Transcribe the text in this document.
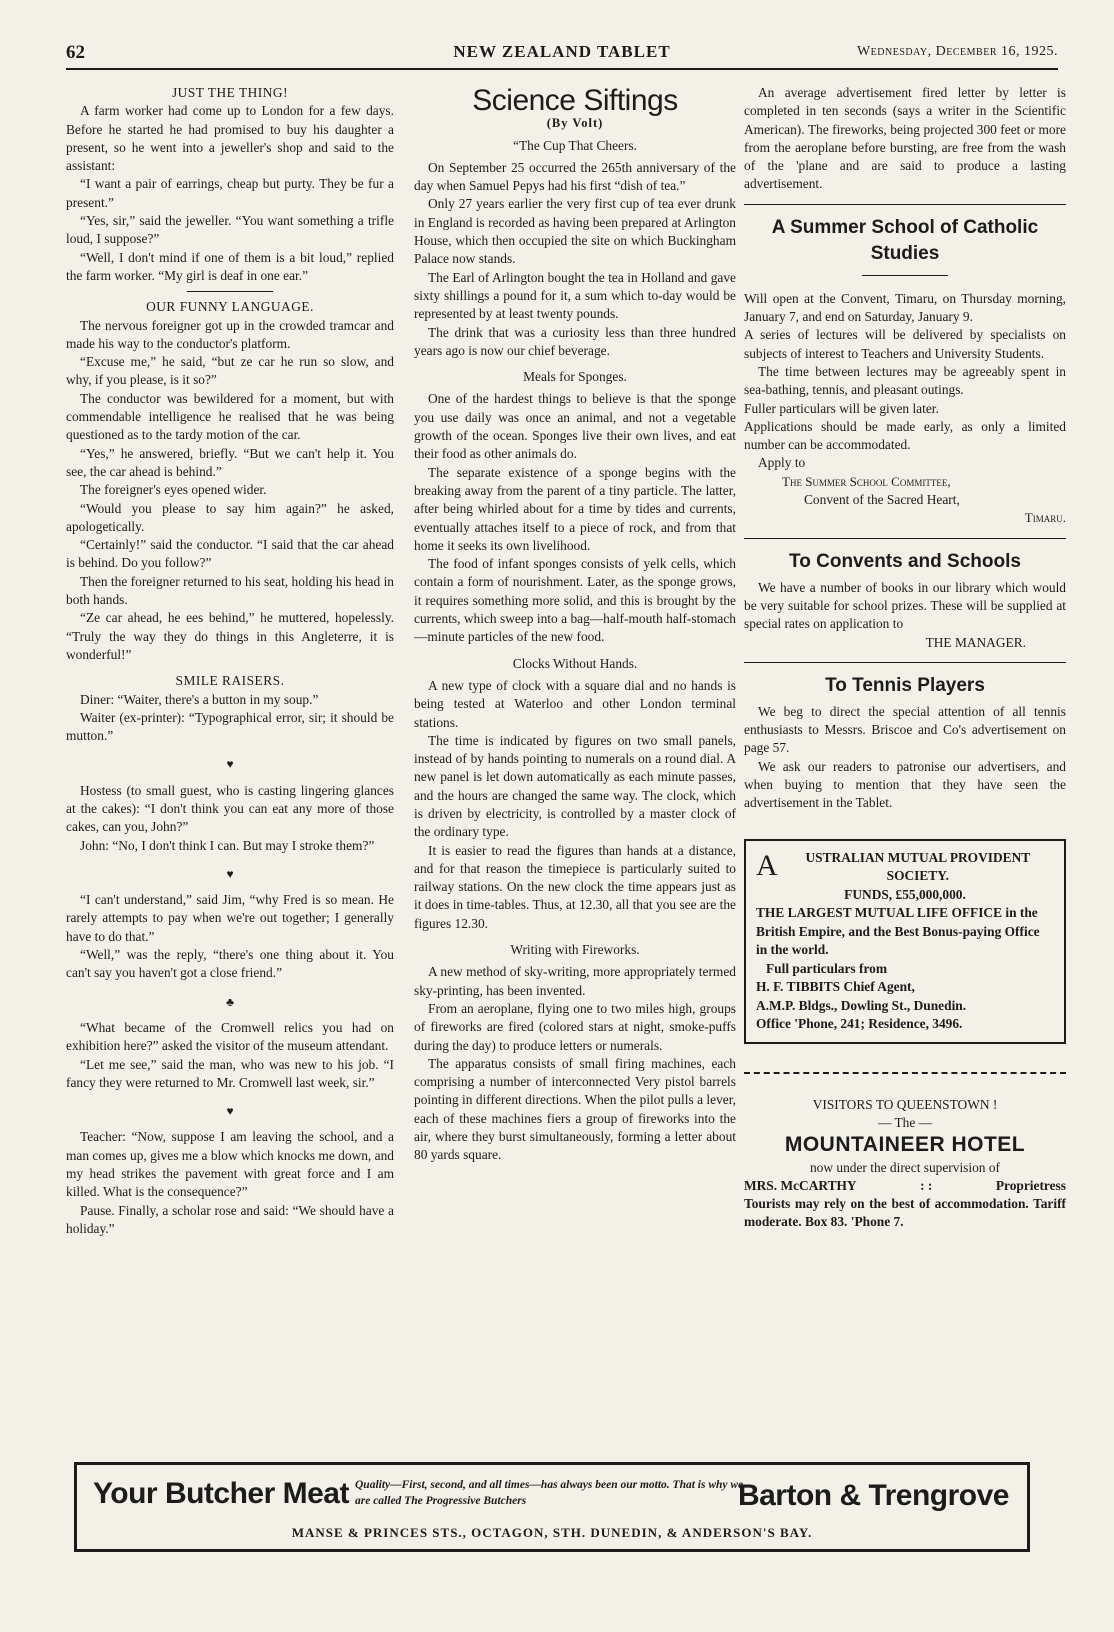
62	NEW ZEALAND TABLET	Wednesday, December 16, 1925.
JUST THE THING!

A farm worker had come up to London for a few days. Before he started he had promised to buy his daughter a present, so he went into a jeweller's shop and said to the assistant:

“I want a pair of earrings, cheap but purty. They be fur a present.”

“Yes, sir,” said the jeweller. “You want something a trifle loud, I suppose?”

“Well, I don't mind if one of them is a bit loud,” replied the farm worker. “My girl is deaf in one ear.”

OUR FUNNY LANGUAGE.

The nervous foreigner got up in the crowded tramcar and made his way to the conductor's platform.

“Excuse me,” he said, “but ze car he run so slow, and why, if you please, is it so?”

The conductor was bewildered for a moment, but with commendable intelligence he realised that he was being questioned as to the tardy motion of the car.

“Yes,” he answered, briefly. “But we can't help it. You see, the car ahead is behind.”

The foreigner's eyes opened wider.

“Would you please to say him again?” he asked, apologetically.

“Certainly!” said the conductor. “I said that the car ahead is behind. Do you follow?”

Then the foreigner returned to his seat, holding his head in both hands.

“Ze car ahead, he ees behind,” he muttered, hopelessly. “Truly the way they do things in this Angleterre, it is wonderful!”

SMILE RAISERS.

Diner: “Waiter, there's a button in my soup.”

Waiter (ex-printer): “Typographical error, sir; it should be mutton.”

♥

Hostess (to small guest, who is casting lingering glances at the cakes): “I don't think you can eat any more of those cakes, can you, John?”

John: “No, I don't think I can. But may I stroke them?”

♥

“I can't understand,” said Jim, “why Fred is so mean. He rarely attempts to pay when we're out together; I generally have to do that.”

“Well,” was the reply, “there's one thing about it. You can't say you haven't got a close friend.”

♣

“What became of the Cromwell relics you had on exhibition here?” asked the visitor of the museum attendant.

“Let me see,” said the man, who was new to his job. “I fancy they were returned to Mr. Cromwell last week, sir.”

♥

Teacher: “Now, suppose I am leaving the school, and a man comes up, gives me a blow which knocks me down, and my head strikes the pavement with great force and I am killed. What is the consequence?”

Pause. Finally, a scholar rose and said: “We should have a holiday.”

Science Siftings
(By Volt)
“The Cup That Cheers.

On September 25 occurred the 265th anniversary of the day when Samuel Pepys had his first “dish of tea.”

Only 27 years earlier the very first cup of tea ever drunk in England is recorded as having been prepared at Arlington House, which then occupied the site on which Buckingham Palace now stands.

The Earl of Arlington bought the tea in Holland and gave sixty shillings a pound for it, a sum which to-day would be represented by at least twenty pounds.

The drink that was a curiosity less than three hundred years ago is now our chief beverage.

Meals for Sponges.

One of the hardest things to believe is that the sponge you use daily was once an animal, and not a vegetable growth of the ocean. Sponges live their own lives, and eat their food as other animals do.

The separate existence of a sponge begins with the breaking away from the parent of a tiny particle. The latter, after being whirled about for a time by tides and currents, eventually attaches itself to a piece of rock, and from that home it seeks its own livelihood.

The food of infant sponges consists of yelk cells, which contain a form of nourishment. Later, as the sponge grows, it requires something more solid, and this is brought by the currents, which sweep into a bag—half-mouth half-stomach—minute particles of the new food.

Clocks Without Hands.

A new type of clock with a square dial and no hands is being tested at Waterloo and other London terminal stations.

The time is indicated by figures on two small panels, instead of by hands pointing to numerals on a round dial. A new panel is let down automatically as each minute passes, and the hours are changed the same way. The clock, which is driven by electricity, is controlled by a master clock of the ordinary type.

It is easier to read the figures than hands at a distance, and for that reason the timepiece is particularly suited to railway stations. On the new clock the time appears just as it does in time-tables. Thus, at 12.30, all that you see are the figures 12.30.

Writing with Fireworks.

A new method of sky-writing, more appropriately termed sky-printing, has been invented.

From an aeroplane, flying one to two miles high, groups of fireworks are fired (colored stars at night, smoke-puffs during the day) to produce letters or numerals.

The apparatus consists of small firing machines, each comprising a number of interconnected Very pistol barrels pointing in different directions. When the pilot pulls a lever, each of these machines fiers a group of fireworks into the air, where they burst simultaneously, forming a letter about 80 yards square.

An average advertisement fired letter by letter is completed in ten seconds (says a writer in the Scientific American). The fireworks, being projected 300 feet or more from the aeroplane before bursting, are free from the wash of the 'plane and are said to produce a lasting advertisement.

A Summer School of Catholic Studies

Will open at the Convent, Timaru, on Thursday morning, January 7, and end on Saturday, January 9.

A series of lectures will be delivered by specialists on subjects of interest to Teachers and University Students.

The time between lectures may be agreeably spent in sea-bathing, tennis, and pleasant outings.

Fuller particulars will be given later.

Applications should be made early, as only a limited number can be accommodated.

Apply to

The Summer School Committee,
Convent of the Sacred Heart,
Timaru.
To Convents and Schools

We have a number of books in our library which would be very suitable for school prizes. These will be supplied at special rates on application to

THE MANAGER.
To Tennis Players

We beg to direct the special attention of all tennis enthusiasts to Messrs. Briscoe and Co's advertisement on page 57.

We ask our readers to patronise our advertisers, and when buying to mention that they have seen the advertisement in the Tablet.

A	USTRALIAN MUTUAL PROVIDENT SOCIETY.
FUNDS, £55,000,000.
THE LARGEST MUTUAL LIFE OFFICE in the British Empire, and the Best Bonus-paying Office in the world.
Full particulars from
H. F. TIBBITS Chief Agent,
A.M.P. Bldgs., Dowling St., Dunedin.
Office 'Phone, 241; Residence, 3496.
VISITORS TO QUEENSTOWN !
— The —
MOUNTAINEER HOTEL
now under the direct supervision of
MRS. McCARTHY	: :	Proprietress

Tourists may rely on the best of accommodation. Tariff moderate. Box 83. 'Phone 7.

Your Butcher Meat Quality—First, second, and all times—has always been our motto. That is why we are called The Progressive Butchers	Barton & Trengrove
MANSE & PRINCES STS., OCTAGON, STH. DUNEDIN, & ANDERSON'S BAY.
